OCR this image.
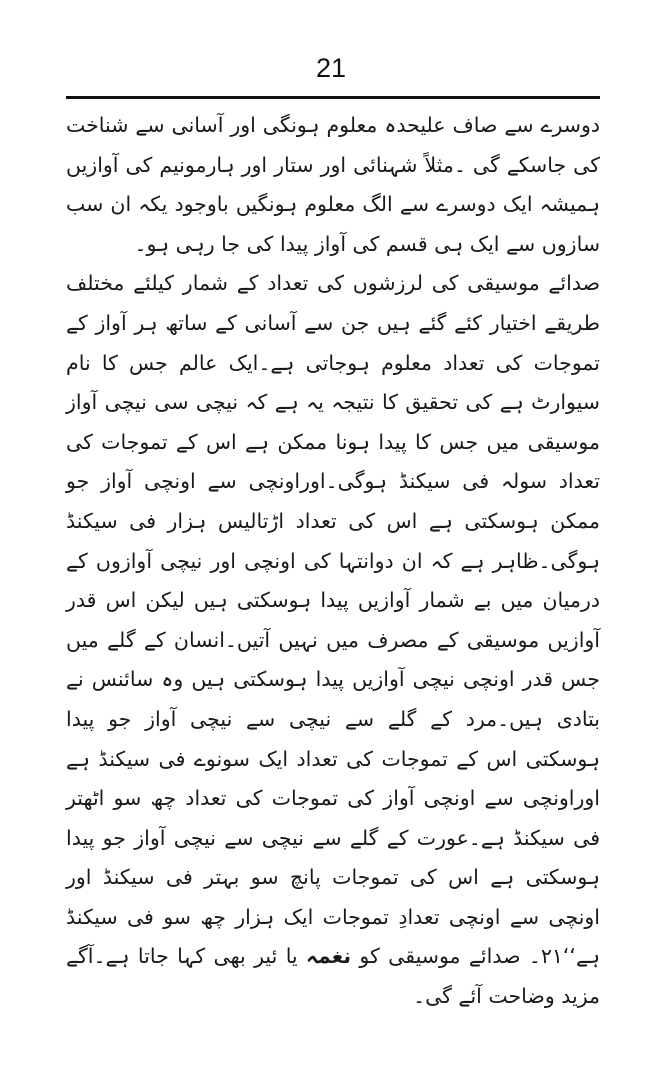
21

دوسرے سے صاف علیحدہ معلوم ہونگی اور آسانی سے شناخت کی جاسکے گی ۔مثلاً شہنائی اور ستار اور ہارمونیم کی آوازیں ہمیشہ ایک دوسرے سے الگ معلوم ہونگیں باوجود یکہ ان سب سازوں سے ایک ہی قسم کی آواز پیدا کی جا رہی ہو۔

صدائے موسیقی کی لرزشوں کی تعداد کے شمار کیلئے مختلف طریقے اختیار کئے گئے ہیں جن سے آسانی کے ساتھ ہر آواز کے تموجات کی تعداد معلوم ہوجاتی ہے۔ایک عالم جس کا نام سیوارٹ ہے کی تحقیق کا نتیجہ یہ ہے کہ نیچی سی نیچی آواز موسیقی میں جس کا پیدا ہونا ممکن ہے اس کے تموجات کی تعداد سولہ فی سیکنڈ ہوگی۔اوراونچی سے اونچی آواز جو ممکن ہوسکتی ہے اس کی تعداد اڑتالیس ہزار فی سیکنڈ ہوگی۔ظاہر ہے کہ ان دوانتہا کی اونچی اور نیچی آوازوں کے درمیان میں بے شمار آوازیں پیدا ہوسکتی ہیں لیکن اس قدر آوازیں موسیقی کے مصرف میں نہیں آتیں۔انسان کے گلے میں جس قدر اونچی نیچی آوازیں پیدا ہوسکتی ہیں وہ سائنس نے بتادی ہیں۔مرد کے گلے سے نیچی سے نیچی آواز جو پیدا ہوسکتی اس کے تموجات کی تعداد ایک سونوے فی سیکنڈ ہے اوراونچی سے اونچی آواز کی تموجات کی تعداد چھ سو اٹھتر فی سیکنڈ ہے۔عورت کے گلے سے نیچی سے نیچی آواز جو پیدا ہوسکتی ہے اس کی تموجات پانچ سو بہتر فی سیکنڈ اور اونچی سے اونچی تعدادِ تموجات ایک ہزار چھ سو فی سیکنڈ ہے‘‘۲۱۔ صدائے موسیقی کو نغمہ یا ئیر بھی کہا جاتا ہے۔آگے مزید وضاحت آئے گی۔
